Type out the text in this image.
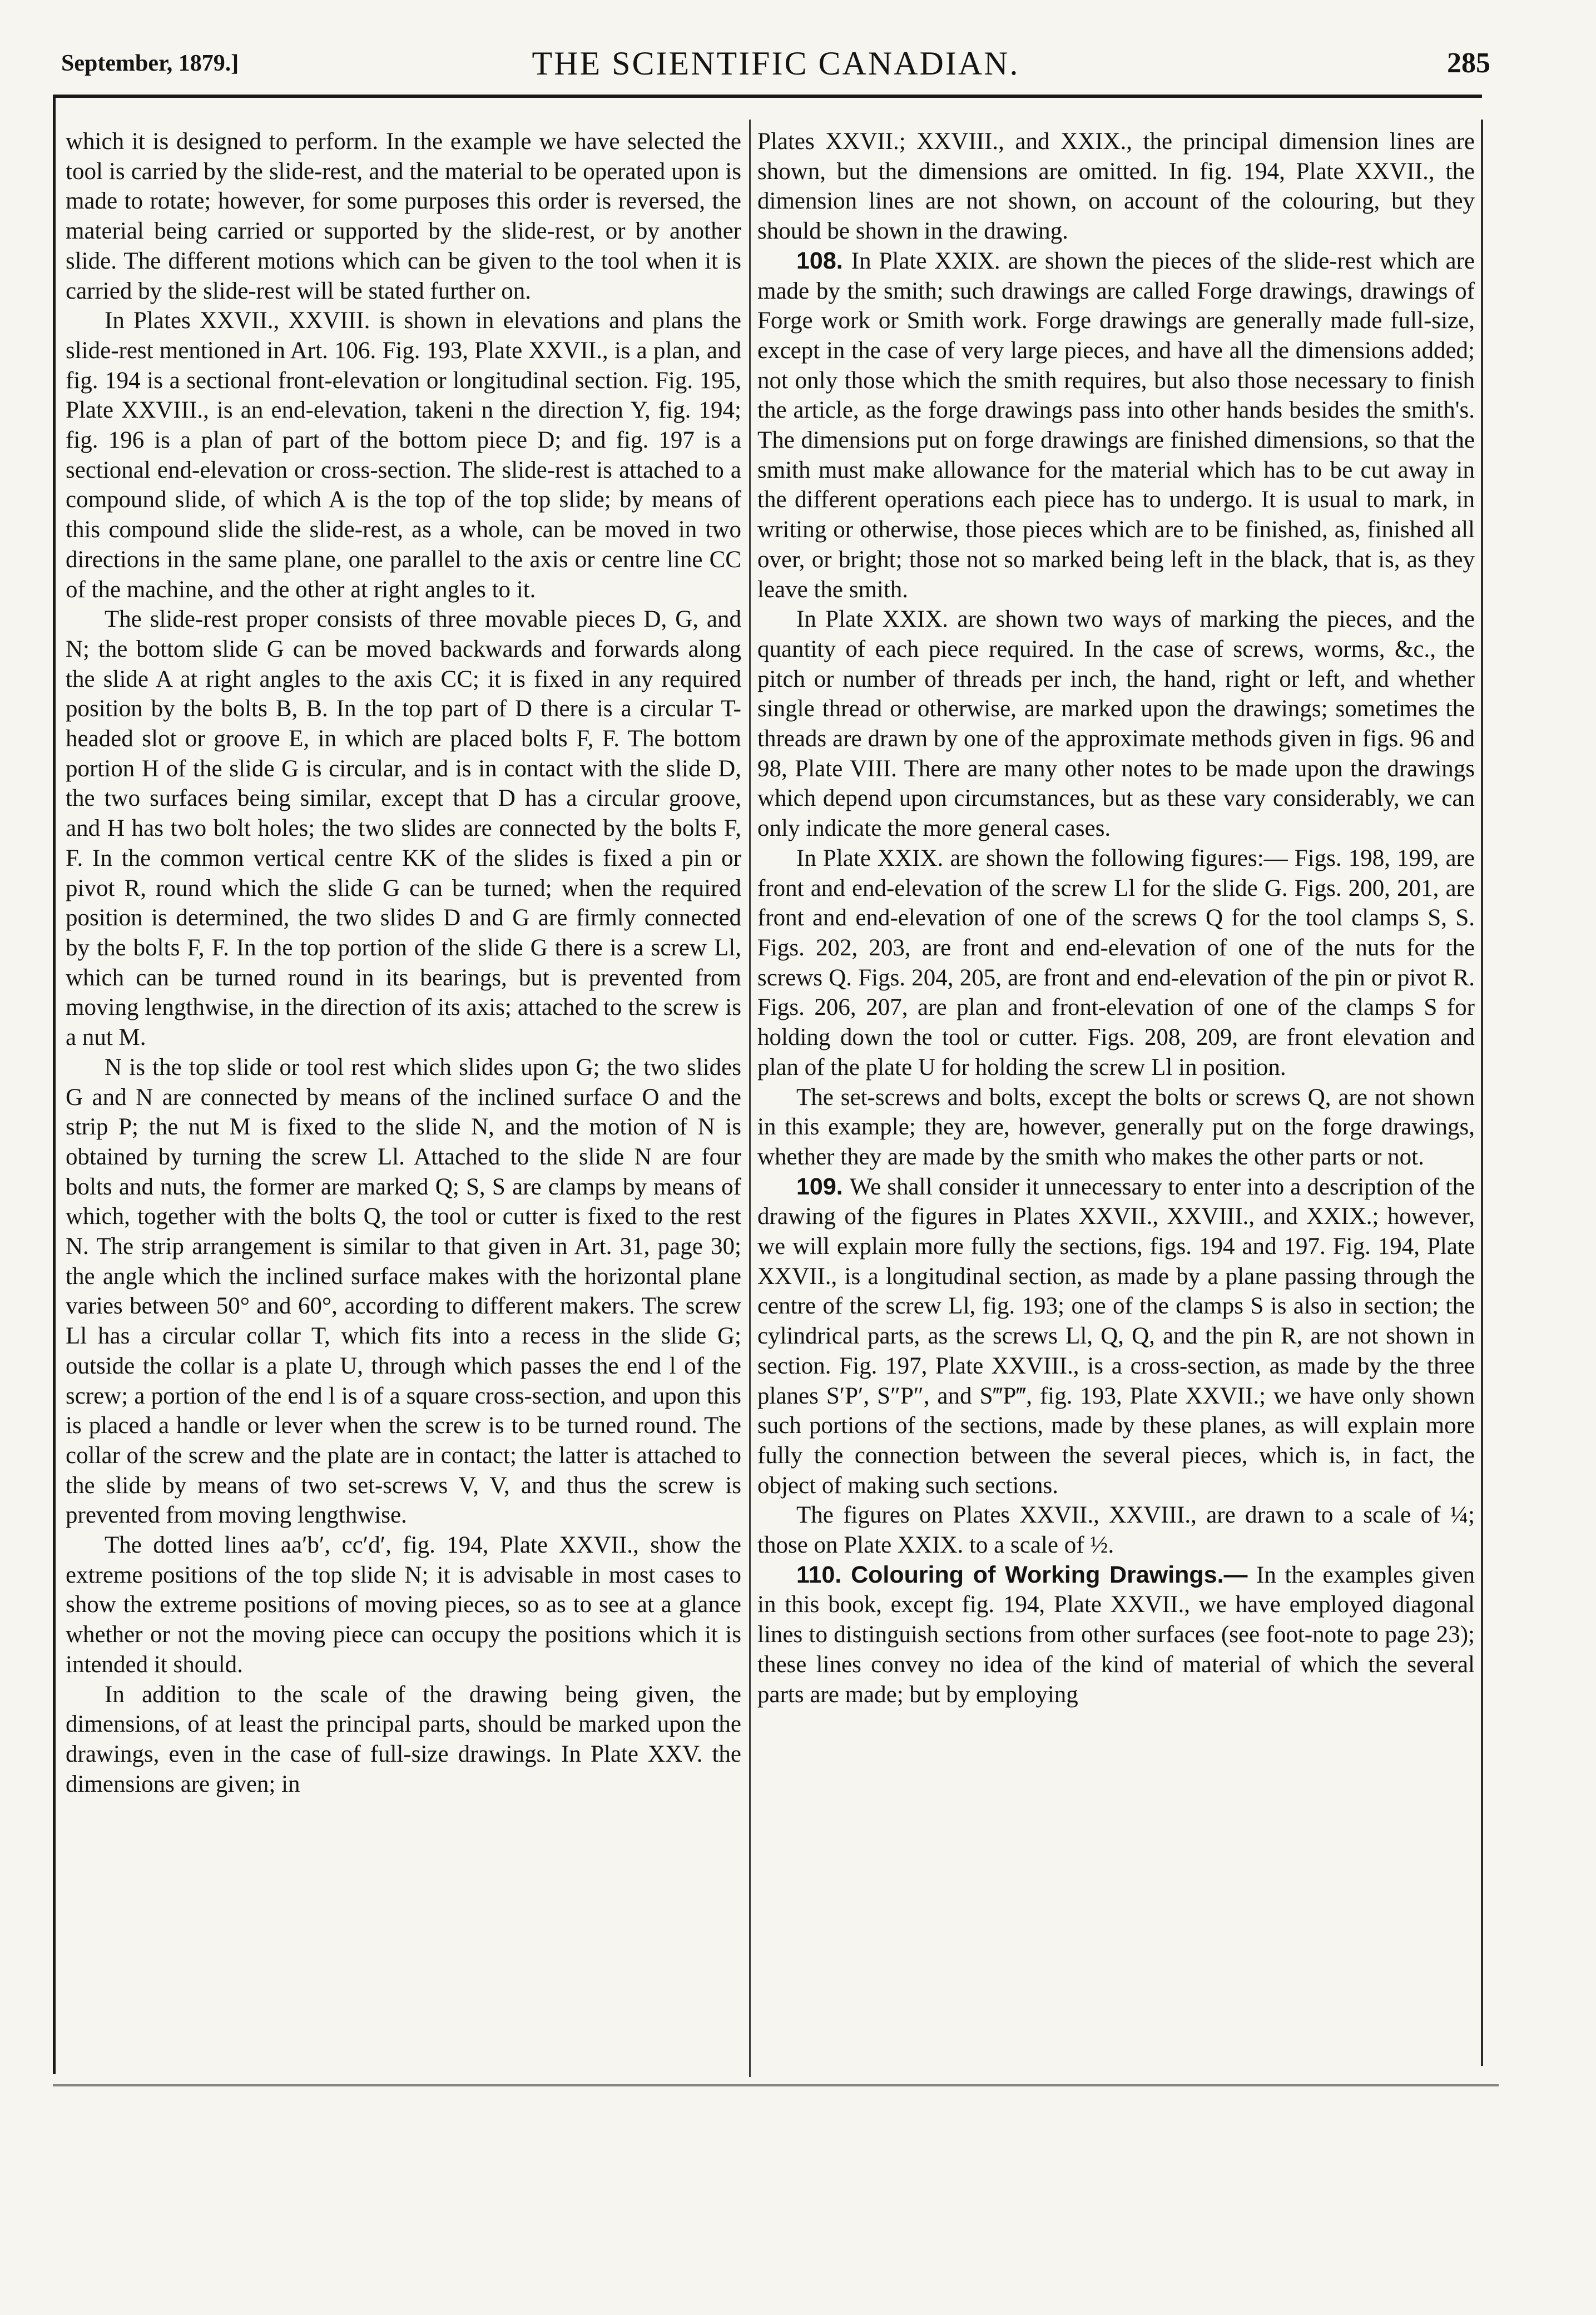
September, 1879.]	THE SCIENTIFIC CANADIAN.	285

which it is designed to perform. In the example we have selected the tool is carried by the slide-rest, and the material to be operated upon is made to rotate; however, for some purposes this order is reversed, the material being carried or supported by the slide-rest, or by another slide. The different motions which can be given to the tool when it is carried by the slide-rest will be stated further on.

In Plates XXVII., XXVIII. is shown in elevations and plans the slide-rest mentioned in Art. 106. Fig. 193, Plate XXVII., is a plan, and fig. 194 is a sectional front-elevation or longitudinal section. Fig. 195, Plate XXVIII., is an end-elevation, takeni n the direction Y, fig. 194; fig. 196 is a plan of part of the bottom piece D; and fig. 197 is a sectional end-elevation or cross-section. The slide-rest is attached to a compound slide, of which A is the top of the top slide; by means of this compound slide the slide-rest, as a whole, can be moved in two directions in the same plane, one parallel to the axis or centre line CC of the machine, and the other at right angles to it.

The slide-rest proper consists of three movable pieces D, G, and N; the bottom slide G can be moved backwards and forwards along the slide A at right angles to the axis CC; it is fixed in any required position by the bolts B, B. In the top part of D there is a circular T-headed slot or groove E, in which are placed bolts F, F. The bottom portion H of the slide G is circular, and is in contact with the slide D, the two surfaces being similar, except that D has a circular groove, and H has two bolt holes; the two slides are connected by the bolts F, F. In the common vertical centre KK of the slides is fixed a pin or pivot R, round which the slide G can be turned; when the required position is determined, the two slides D and G are firmly connected by the bolts F, F. In the top portion of the slide G there is a screw Ll, which can be turned round in its bearings, but is prevented from moving lengthwise, in the direction of its axis; attached to the screw is a nut M.

N is the top slide or tool rest which slides upon G; the two slides G and N are connected by means of the inclined surface O and the strip P; the nut M is fixed to the slide N, and the motion of N is obtained by turning the screw Ll. Attached to the slide N are four bolts and nuts, the former are marked Q; S, S are clamps by means of which, together with the bolts Q, the tool or cutter is fixed to the rest N. The strip arrangement is similar to that given in Art. 31, page 30; the angle which the inclined surface makes with the horizontal plane varies between 50° and 60°, according to different makers. The screw Ll has a circular collar T, which fits into a recess in the slide G; outside the collar is a plate U, through which passes the end l of the screw; a portion of the end l is of a square cross-section, and upon this is placed a handle or lever when the screw is to be turned round. The collar of the screw and the plate are in contact; the latter is attached to the slide by means of two set-screws V, V, and thus the screw is prevented from moving lengthwise.

The dotted lines aa′b′, cc′d′, fig. 194, Plate XXVII., show the extreme positions of the top slide N; it is advisable in most cases to show the extreme positions of moving pieces, so as to see at a glance whether or not the moving piece can occupy the positions which it is intended it should.

In addition to the scale of the drawing being given, the dimensions, of at least the principal parts, should be marked upon the drawings, even in the case of full-size drawings. In Plate XXV. the dimensions are given; in

Plates XXVII.; XXVIII., and XXIX., the principal dimension lines are shown, but the dimensions are omitted. In fig. 194, Plate XXVII., the dimension lines are not shown, on account of the colouring, but they should be shown in the drawing.

108. In Plate XXIX. are shown the pieces of the slide-rest which are made by the smith; such drawings are called Forge drawings, drawings of Forge work or Smith work. Forge drawings are generally made full-size, except in the case of very large pieces, and have all the dimensions added; not only those which the smith requires, but also those necessary to finish the article, as the forge drawings pass into other hands besides the smith's. The dimensions put on forge drawings are finished dimensions, so that the smith must make allowance for the material which has to be cut away in the different operations each piece has to undergo. It is usual to mark, in writing or otherwise, those pieces which are to be finished, as, finished all over, or bright; those not so marked being left in the black, that is, as they leave the smith.

In Plate XXIX. are shown two ways of marking the pieces, and the quantity of each piece required. In the case of screws, worms, &c., the pitch or number of threads per inch, the hand, right or left, and whether single thread or otherwise, are marked upon the drawings; sometimes the threads are drawn by one of the approximate methods given in figs. 96 and 98, Plate VIII. There are many other notes to be made upon the drawings which depend upon circumstances, but as these vary considerably, we can only indicate the more general cases.

In Plate XXIX. are shown the following figures:— Figs. 198, 199, are front and end-elevation of the screw Ll for the slide G. Figs. 200, 201, are front and end-elevation of one of the screws Q for the tool clamps S, S. Figs. 202, 203, are front and end-elevation of one of the nuts for the screws Q. Figs. 204, 205, are front and end-elevation of the pin or pivot R. Figs. 206, 207, are plan and front-elevation of one of the clamps S for holding down the tool or cutter. Figs. 208, 209, are front elevation and plan of the plate U for holding the screw Ll in position.

The set-screws and bolts, except the bolts or screws Q, are not shown in this example; they are, however, generally put on the forge drawings, whether they are made by the smith who makes the other parts or not.

109. We shall consider it unnecessary to enter into a description of the drawing of the figures in Plates XXVII., XXVIII., and XXIX.; however, we will explain more fully the sections, figs. 194 and 197. Fig. 194, Plate XXVII., is a longitudinal section, as made by a plane passing through the centre of the screw Ll, fig. 193; one of the clamps S is also in section; the cylindrical parts, as the screws Ll, Q, Q, and the pin R, are not shown in section. Fig. 197, Plate XXVIII., is a cross-section, as made by the three planes S′P′, S″P″, and S‴P‴, fig. 193, Plate XXVII.; we have only shown such portions of the sections, made by these planes, as will explain more fully the connection between the several pieces, which is, in fact, the object of making such sections.

The figures on Plates XXVII., XXVIII., are drawn to a scale of ¼; those on Plate XXIX. to a scale of ½.

110. Colouring of Working Drawings.— In the examples given in this book, except fig. 194, Plate XXVII., we have employed diagonal lines to distinguish sections from other surfaces (see foot-note to page 23); these lines convey no idea of the kind of material of which the several parts are made; but by employing
